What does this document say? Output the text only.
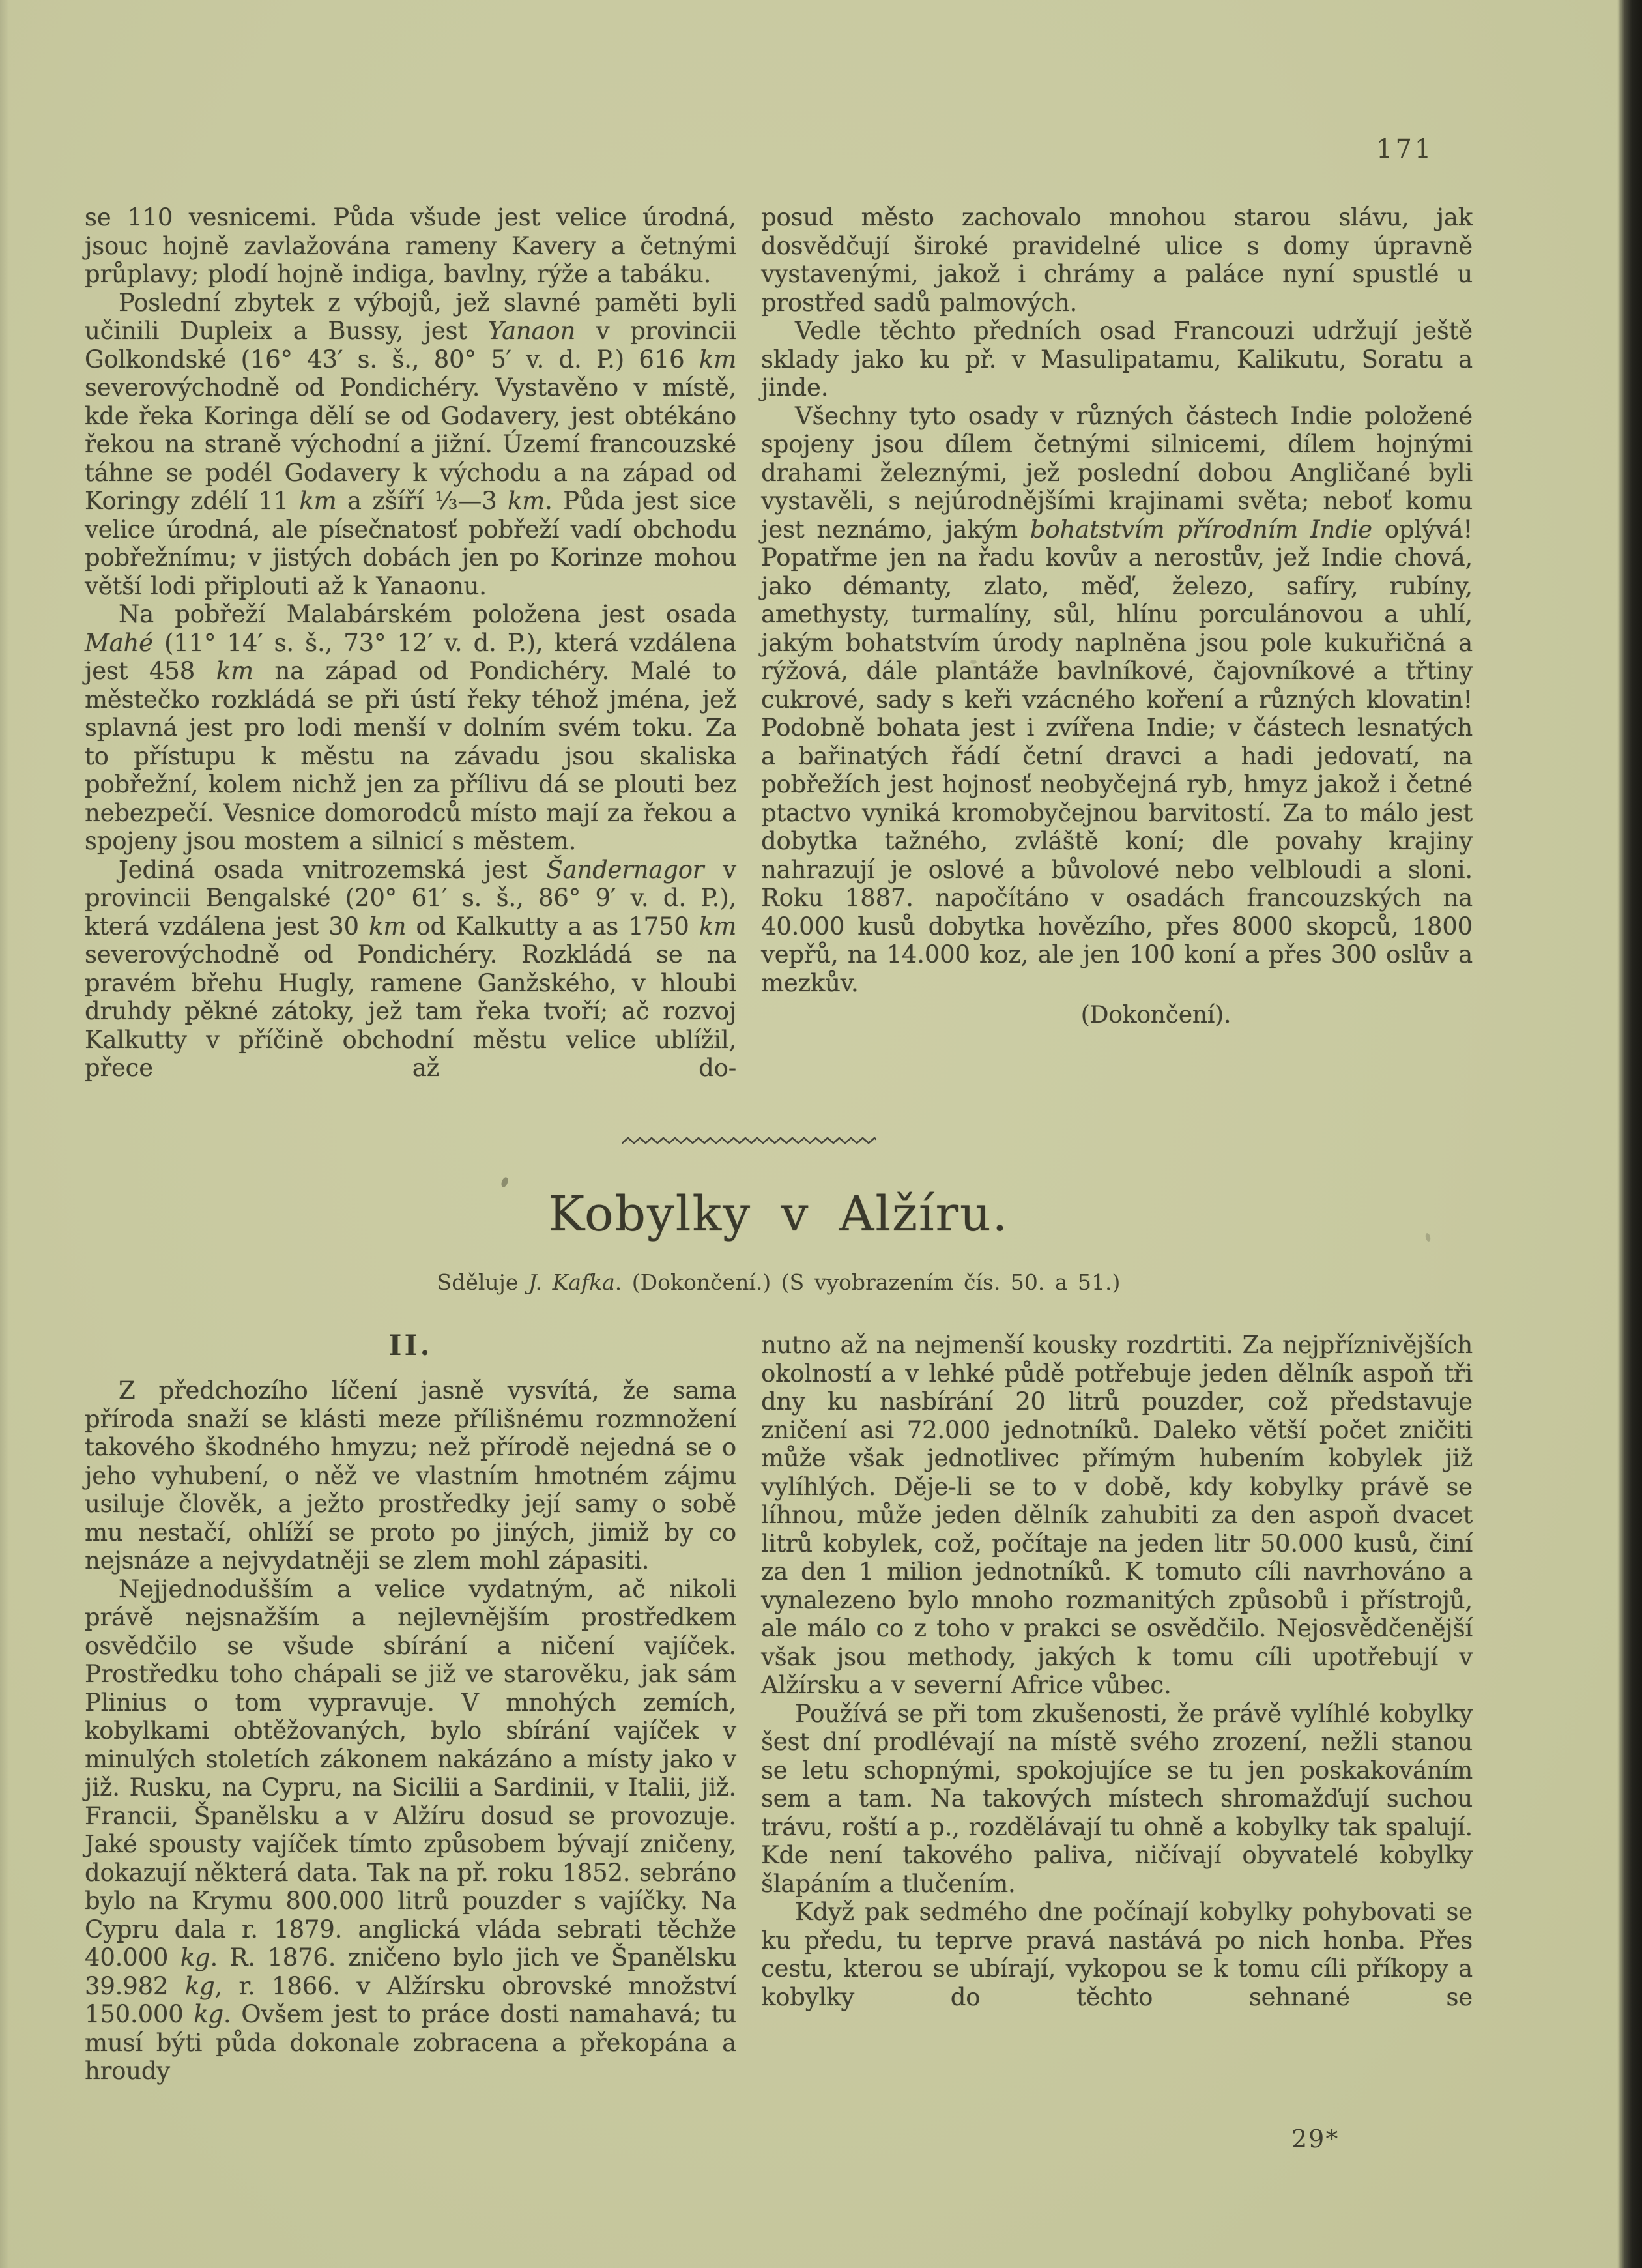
171

se 110 vesnicemi. Půda všude jest velice úrodná, jsouc hojně zavlažována rameny Kavery a četnými průplavy; plodí hojně indiga, bavlny, rýže a tabáku.

Poslední zbytek z výbojů, jež slavné paměti byli učinili Dupleix a Bussy, jest Yanaon v provincii Golkondské (16° 43′ s. š., 80° 5′ v. d. P.) 616 km severovýchodně od Pondichéry. Vystavěno v místě, kde řeka Koringa dělí se od Godavery, jest obtékáno řekou na straně východní a jižní. Území francouzské táhne se podél Godavery k východu a na západ od Koringy zdélí 11 km a zšíří ⅓—3 km. Půda jest sice velice úrodná, ale písečnatosť pobřeží vadí obchodu pobřežnímu; v jistých dobách jen po Korinze mohou větší lodi připlouti až k Yanaonu.

Na pobřeží Malabárském položena jest osada Mahé (11° 14′ s. š., 73° 12′ v. d. P.), která vzdálena jest 458 km na západ od Pondichéry. Malé to městečko rozkládá se při ústí řeky téhož jména, jež splavná jest pro lodi menší v dolním svém toku. Za to přístupu k městu na závadu jsou skaliska pobřežní, kolem nichž jen za přílivu dá se plouti bez nebezpečí. Vesnice domorodců místo mají za řekou a spojeny jsou mostem a silnicí s městem.

Jediná osada vnitrozemská jest Šandernagor v provincii Bengalské (20° 61′ s. š., 86° 9′ v. d. P.), která vzdálena jest 30 km od Kalkutty a as 1750 km severovýchodně od Pondichéry. Rozkládá se na pravém břehu Hugly, ramene Ganžského, v hloubi druhdy pěkné zátoky, jež tam řeka tvoří; ač rozvoj Kalkutty v příčině obchodní městu velice ublížil, přece až do-

posud město zachovalo mnohou starou slávu, jak dosvědčují široké pravidelné ulice s domy úpravně vystavenými, jakož i chrámy a paláce nyní spustlé u prostřed sadů palmových.

Vedle těchto předních osad Francouzi udržují ještě sklady jako ku př. v Masulipatamu, Kalikutu, Soratu a jinde.

Všechny tyto osady v různých částech Indie položené spojeny jsou dílem četnými silnicemi, dílem hojnými drahami železnými, jež poslední dobou Angličané byli vystavěli, s nejúrodnějšími krajinami světa; neboť komu jest neznámo, jakým bohatstvím přírodním Indie oplývá! Popatřme jen na řadu kovův a nerostův, jež Indie chová, jako démanty, zlato, měď, železo, safíry, rubíny, amethysty, turmalíny, sůl, hlínu porculánovou a uhlí, jakým bohatstvím úrody naplněna jsou pole kukuřičná a rýžová, dále plantáže bavlníkové, čajovníkové a třtiny cukrové, sady s keři vzácného koření a různých klovatin! Podobně bohata jest i zvířena Indie; v částech lesnatých a bařinatých řádí četní dravci a hadi jedovatí, na pobřežích jest hojnosť neobyčejná ryb, hmyz jakož i četné ptactvo vyniká kromobyčejnou barvitostí. Za to málo jest dobytka tažného, zvláště koní; dle povahy krajiny nahrazují je oslové a bůvolové nebo velbloudi a sloni. Roku 1887. napočítáno v osadách francouzských na 40.000 kusů dobytka hovězího, přes 8000 skopců, 1800 vepřů, na 14.000 koz, ale jen 100 koní a přes 300 oslův a mezkův.

(Dokončení).
Kobylky v Alžíru.
Sděluje J. Kafka. (Dokončení.) (S vyobrazením čís. 50. a 51.)
II.

Z předchozího líčení jasně vysvítá, že sama příroda snaží se klásti meze přílišnému rozmnožení takového škodného hmyzu; než přírodě nejedná se o jeho vyhubení, o něž ve vlastním hmotném zájmu usiluje člověk, a ježto prostředky její samy o sobě mu nestačí, ohlíží se proto po jiných, jimiž by co nejsnáze a nejvydatněji se zlem mohl zápasiti.

Nejjednodušším a velice vydatným, ač nikoli právě nejsnažším a nejlevnějším prostředkem osvědčilo se všude sbírání a ničení vajíček. Prostředku toho chápali se již ve starověku, jak sám Plinius o tom vypravuje. V mnohých zemích, kobylkami obtěžovaných, bylo sbírání vajíček v minulých stoletích zákonem nakázáno a místy jako v již. Rusku, na Cypru, na Sicilii a Sardinii, v Italii, již. Francii, Španělsku a v Alžíru dosud se provozuje. Jaké spousty vajíček tímto způsobem bývají zničeny, dokazují některá data. Tak na př. roku 1852. sebráno bylo na Krymu 800.000 litrů pouzder s vajíčky. Na Cypru dala r. 1879. anglická vláda sebrati těchže 40.000 kg. R. 1876. zničeno bylo jich ve Španělsku 39.982 kg, r. 1866. v Alžírsku obrovské množství 150.000 kg. Ovšem jest to práce dosti namahavá; tu musí býti půda dokonale zobracena a překopána a hroudy

nutno až na nejmenší kousky rozdrtiti. Za nejpříznivějších okolností a v lehké půdě potřebuje jeden dělník aspoň tři dny ku nasbírání 20 litrů pouzder, což představuje zničení asi 72.000 jednotníků. Daleko větší počet zničiti může však jednotlivec přímým hubením kobylek již vylíhlých. Děje-li se to v době, kdy kobylky právě se líhnou, může jeden dělník zahubiti za den aspoň dvacet litrů kobylek, což, počítaje na jeden litr 50.000 kusů, činí za den 1 milion jednotníků. K tomuto cíli navrhováno a vynalezeno bylo mnoho rozmanitých způsobů i přístrojů, ale málo co z toho v prakci se osvědčilo. Nejosvědčenější však jsou methody, jakých k tomu cíli upotřebují v Alžírsku a v severní Africe vůbec.

Používá se při tom zkušenosti, že právě vylíhlé kobylky šest dní prodlévají na místě svého zrození, nežli stanou se letu schopnými, spokojujíce se tu jen poskakováním sem a tam. Na takových místech shromažďují suchou trávu, roští a p., rozdělávají tu ohně a kobylky tak spalují. Kde není takového paliva, ničívají obyvatelé kobylky šlapáním a tlučením.

Když pak sedmého dne počínají kobylky pohybovati se ku předu, tu teprve pravá nastává po nich honba. Přes cestu, kterou se ubírají, vykopou se k tomu cíli příkopy a kobylky do těchto sehnané se

29*
